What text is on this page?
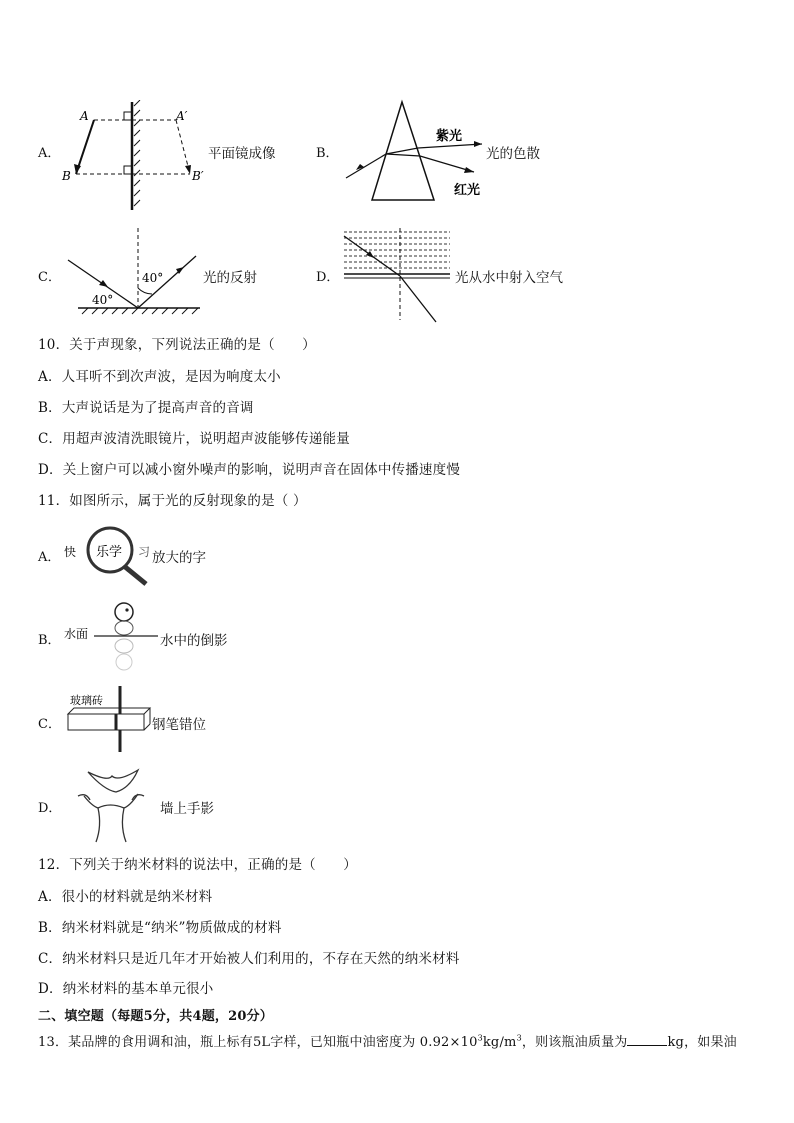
A．
A
B
A′
B′
平面镜成像	B．
紫光
红光
光的色散
C．	40°
40°
光的反射	D．	光从水中射入空气
10．关于声现象，下列说法正确的是（　　）
A．人耳听不到次声波，是因为响度太小
B．大声说话是为了提高声音的音调
C．用超声波清洗眼镜片，说明超声波能够传递能量
D．关上窗户可以减小窗外噪声的影响，说明声音在固体中传播速度慢
11．如图所示，属于光的反射现象的是（ ）
A． 快 乐学 习 放大的字
B． 水面	水中的倒影
C．
玻璃砖
钢笔错位
D．	墙上手影
12．下列关于纳米材料的说法中，正确的是（　　）
A．很小的材料就是纳米材料
B．纳米材料就是“纳米”物质做成的材料
C．纳米材料只是近几年才开始被人们利用的，不存在天然的纳米材料
D．纳米材料的基本单元很小
二、填空题（每题5分，共4题，20分）
13．某品牌的食用调和油，瓶上标有5L字样，已知瓶中油密度为 $0.92\times 10^3kg/m^3$，则该瓶油质量为	kg，如果油
